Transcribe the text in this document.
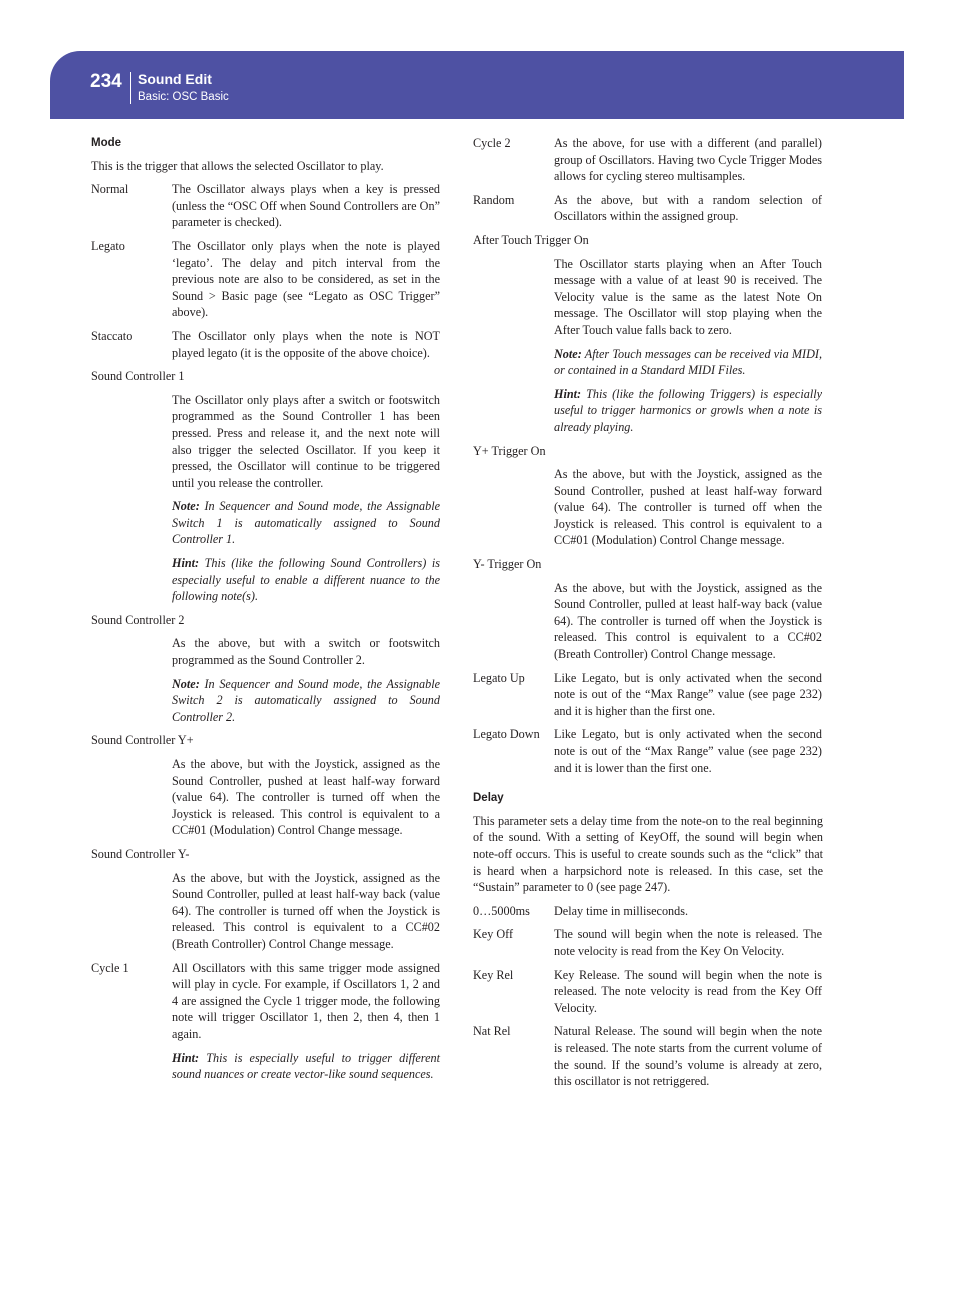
234 Sound Edit
Basic: OSC Basic

Mode

This is the trigger that allows the selected Oscillator to play.

Normal	The Oscillator always plays when a key is pressed (unless the “OSC Off when Sound Controllers are On” parameter is checked).
Legato	The Oscillator only plays when the note is played ‘legato’. The delay and pitch interval from the previous note are also to be considered, as set in the Sound > Basic page (see “Legato as OSC Trigger” above).
Staccato	The Oscillator only plays when the note is NOT played legato (it is the opposite of the above choice).

Sound Controller 1

The Oscillator only plays after a switch or footswitch programmed as the Sound Controller 1 has been pressed. Press and release it, and the next note will also trigger the selected Oscillator. If you keep it pressed, the Oscillator will continue to be triggered until you release the controller.

Note: In Sequencer and Sound mode, the Assignable Switch 1 is automatically assigned to Sound Controller 1.

Hint: This (like the following Sound Controllers) is especially useful to enable a different nuance to the following note(s).

Sound Controller 2

As the above, but with a switch or footswitch programmed as the Sound Controller 2.

Note: In Sequencer and Sound mode, the Assignable Switch 2 is automatically assigned to Sound Controller 2.

Sound Controller Y+

As the above, but with the Joystick, assigned as the Sound Controller, pushed at least half-way forward (value 64). The controller is turned off when the Joystick is released. This control is equivalent to a CC#01 (Modulation) Control Change message.

Sound Controller Y-

As the above, but with the Joystick, assigned as the Sound Controller, pulled at least half-way back (value 64). The controller is turned off when the Joystick is released. This control is equivalent to a CC#02 (Breath Controller) Control Change message.

Cycle 1	All Oscillators with this same trigger mode assigned will play in cycle. For example, if Oscillators 1, 2 and 4 are assigned the Cycle 1 trigger mode, the following note will trigger Oscillator 1, then 2, then 4, then 1 again.

Hint: This is especially useful to trigger different sound nuances or create vector-like sound sequences.

Cycle 2	As the above, for use with a different (and parallel) group of Oscillators. Having two Cycle Trigger Modes allows for cycling stereo multisamples.
Random	As the above, but with a random selection of Oscillators within the assigned group.

After Touch Trigger On

The Oscillator starts playing when an After Touch message with a value of at least 90 is received. The Velocity value is the same as the latest Note On message. The Oscillator will stop playing when the After Touch value falls back to zero.

Note: After Touch messages can be received via MIDI, or contained in a Standard MIDI Files.

Hint: This (like the following Triggers) is especially useful to trigger harmonics or growls when a note is already playing.

Y+ Trigger On

As the above, but with the Joystick, assigned as the Sound Controller, pushed at least half-way forward (value 64). The controller is turned off when the Joystick is released. This control is equivalent to a CC#01 (Modulation) Control Change message.

Y- Trigger On

As the above, but with the Joystick, assigned as the Sound Controller, pulled at least half-way back (value 64). The controller is turned off when the Joystick is released. This control is equivalent to a CC#02 (Breath Controller) Control Change message.

Legato Up	Like Legato, but is only activated when the second note is out of the “Max Range” value (see page 232) and it is higher than the first one.
Legato Down	Like Legato, but is only activated when the second note is out of the “Max Range” value (see page 232) and it is lower than the first one.

Delay

This parameter sets a delay time from the note-on to the real beginning of the sound. With a setting of KeyOff, the sound will begin when note-off occurs. This is useful to create sounds such as the “click” that is heard when a harpsichord note is released. In this case, set the “Sustain” parameter to 0 (see page 247).

0…5000ms	Delay time in milliseconds.
Key Off	The sound will begin when the note is released. The note velocity is read from the Key On Velocity.
Key Rel	Key Release. The sound will begin when the note is released. The note velocity is read from the Key Off Velocity.
Nat Rel	Natural Release. The sound will begin when the note is released. The note starts from the current volume of the sound. If the sound’s volume is already at zero, this oscillator is not retriggered.
